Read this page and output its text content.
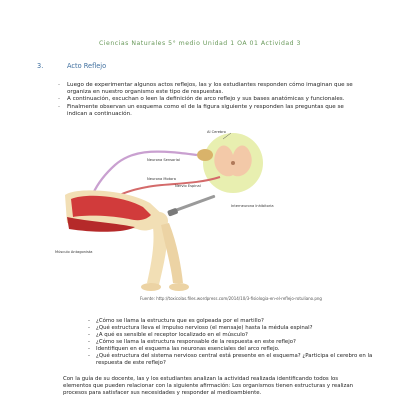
Ciencias Naturales 5° medio Unidad 1 OA 01 Actividad 3
3.	Acto Reflejo
- Luego de experimentar algunos actos reflejos, las y los estudiantes responden cómo imaginan que se organiza en nuestro organismo este tipo de respuestas.
- A continuación, escuchan o leen la definición de arco reflejo y sus bases anatómicas y funcionales.
- Finalmente observan un esquema como el de la figura siguiente y responden las preguntas que se indican a continuación.
Al Cerebro
Neurona Sensorial
Neurona Motora
Nervio Espinal
Interneurona Inhibitoria
Músculo Antagonista
Fuente: http://toxicolas.files.wordpress.com/2014/10/3-fisiologia-en-el-reflejo-rotuliano.png
- ¿Cómo se llama la estructura que es golpeada por el martillo?
- ¿Qué estructura lleva el impulso nervioso (el mensaje) hasta la médula espinal?
- ¿A qué es sensible el receptor localizado en el músculo?
- ¿Cómo se llama la estructura responsable de la respuesta en este reflejo?
- Identifiquen en el esquema las neuronas esenciales del arco reflejo.
- ¿Qué estructura del sistema nervioso central está presente en el esquema? ¿Participa el cerebro en la respuesta de este reflejo?
Con la guía de su docente, las y los estudiantes analizan la actividad realizada identificando todos los elementos que pueden relacionar con la siguiente afirmación: Los organismos tienen estructuras y realizan procesos para satisfacer sus necesidades y responder al medioambiente.
